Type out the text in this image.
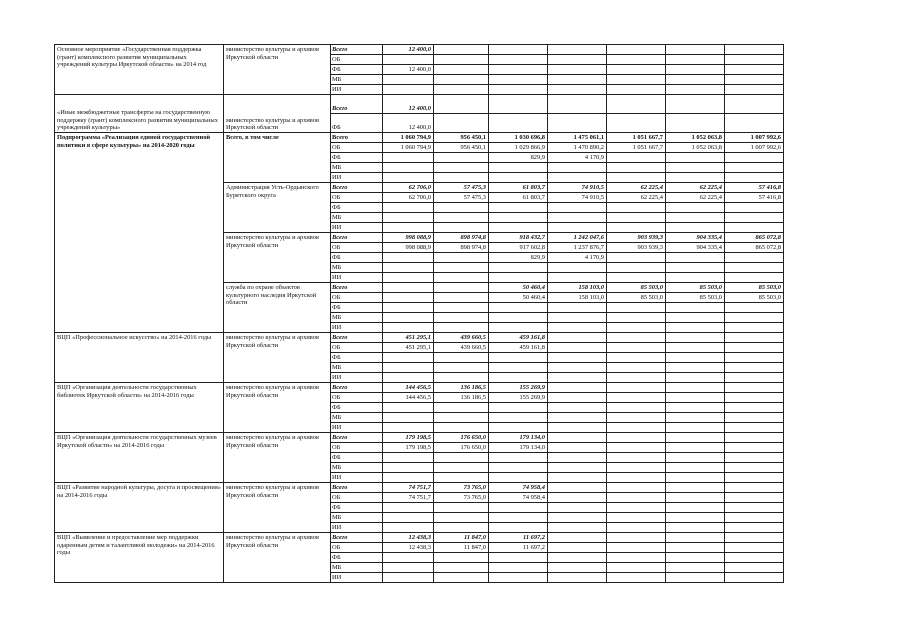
Основное мероприятие «Государственная поддержка (грант) комплексного развития муниципальных учреждений культуры Иркутской области» на 2014 год	министерство культуры и архивов Иркутской области	Всего	12 400,0						
		ОБ							
		ФБ	12 400,0						
		МБ							
		ИИ							
«Иные межбюджетные трансферты на государственную поддержку (грант) комплексного развития муниципальных учреждений культуры»	министерство культуры и архивов Иркутской области	Всего	12 400,0						
		ФБ	12 400,0						
Подпрограмма «Реализация единой государственной политики в сфере культуры» на 2014-2020 годы	Всего, в том числе	Всего	1 060 794,9	956 450,1	1 030 696,8	1 475 061,1	1 051 667,7	1 052 063,8	1 007 992,6
		ОБ	1 060 794,9	956 450,1	1 029 866,9	1 470 890,2	1 051 667,7	1 052 063,8	1 007 992,6
		ФБ			829,9	4 170,9			
		МБ							
		ИИ							
	Администрация Усть-Ордынского Бурятского округа	Всего	62 706,0	57 475,3	61 803,7	74 910,5	62 225,4	62 225,4	57 416,8
		ОБ	62 706,0	57 475,3	61 803,7	74 910,5	62 225,4	62 225,4	57 416,8
		ФБ							
		МБ							
		ИИ							
	министерство культуры и архивов Иркутской области	Всего	998 088,9	898 974,8	918 432,7	1 242 047,6	903 939,3	904 335,4	865 072,8
		ОБ	998 088,9	898 974,8	917 602,8	1 237 876,7	903 939,3	904 335,4	865 072,8
		ФБ			829,9	4 170,9			
		МБ							
		ИИ							
	служба по охране объектов культурного наследия Иркутской области	Всего			50 460,4	158 103,0	85 503,0	85 503,0	85 503,0
		ОБ			50 460,4	158 103,0	85 503,0	85 503,0	85 503,0
		ФБ							
		МБ							
		ИИ							
ВЦП «Профессиональное искусство» на 2014-2016 годы	министерство культуры и архивов Иркутской области	Всего	451 295,1	439 660,5	459 161,8				
		ОБ	451 295,1	439 660,5	459 161,8				
		ФБ							
		МБ							
		ИИ							
ВЦП «Организация деятельности государственных библиотек Иркутской области» на 2014-2016 годы	министерство культуры и архивов Иркутской области	Всего	144 456,5	136 186,5	155 269,9				
		ОБ	144 456,5	136 186,5	155 269,9				
		ФБ							
		МБ							
		ИИ							
ВЦП «Организация деятельности государственных музеев Иркутской области» на 2014-2016 годы	министерство культуры и архивов Иркутской области	Всего	179 198,5	176 650,0	179 134,0				
		ОБ	179 198,5	176 650,0	179 134,0				
		ФБ							
		МБ							
		ИИ							
ВЦП «Развитие народной культуры, досуга и просвещения» на 2014-2016 годы	министерство культуры и архивов Иркутской области	Всего	74 751,7	73 765,0	74 958,4				
		ОБ	74 751,7	73 765,0	74 958,4				
		ФБ							
		МБ							
		ИИ							
ВЦП «Выявление и предоставление мер поддержки одаренным детям и талантливой молодежи» на 2014-2016 годы	министерство культуры и архивов Иркутской области	Всего	12 438,3	11 847,0	11 697,2				
		ОБ	12 438,3	11 847,0	11 697,2				
		ФБ							
		МБ							
		ИИ							
